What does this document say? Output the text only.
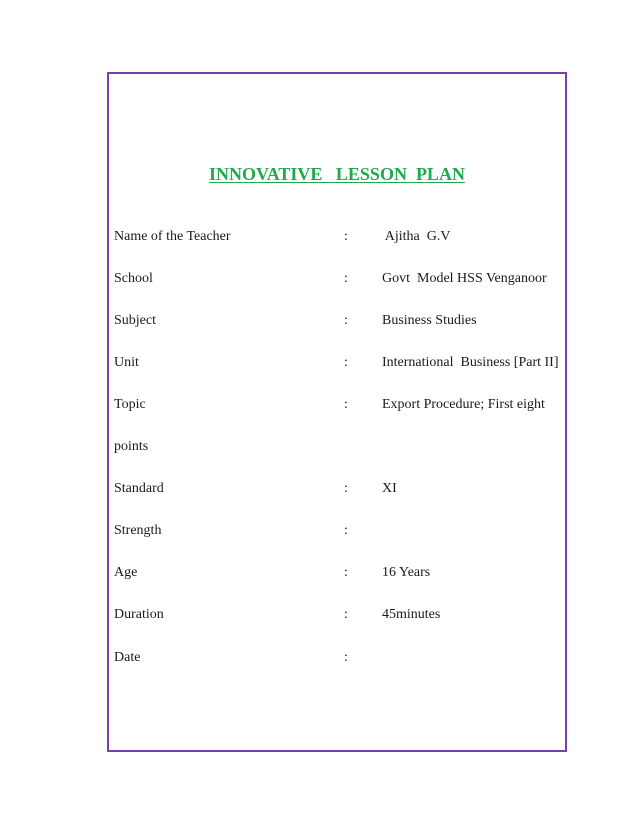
INNOVATIVE   LESSON  PLAN
Name of the Teacher	: Ajitha  G.V
School	: Govt  Model HSS Venganoor
Subject	: Business Studies
Unit	: International  Business [Part II]
Topic	: Export Procedure; First eight
points
Standard	: XI
Strength	:
Age	: 16 Years
Duration	: 45minutes
Date	:
